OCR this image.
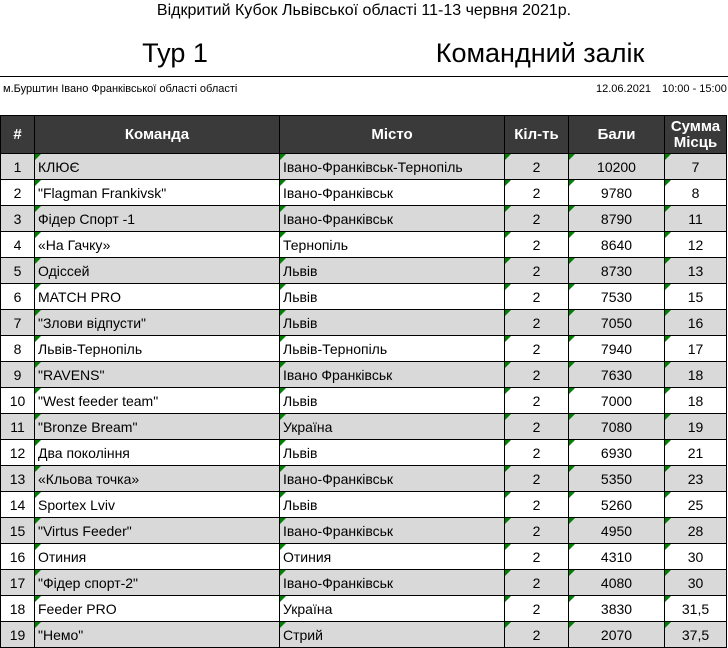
Відкритий Кубок Львівської області 11-13 червня 2021р.
Тур 1	Командний залік
м.Бурштин Івано Франківської області області	12.06.2021 10:00 - 15:00
#	Команда	Місто	Кіл-ть	Бали	Сумма
Місць
1	КЛЮЄ	Івано-Франківськ-Тернопіль	2	10200	7
2	"Flagman Frankivsk"	Івано-Франківськ	2	9780	8
3	Фідер Спорт -1	Івано-Франківськ	2	8790	11
4	«На Гачку»	Тернопіль	2	8640	12
5	Одіссей	Львів	2	8730	13
6	MATCH PRO	Львів	2	7530	15
7	"Злови відпусти"	Львів	2	7050	16
8	Львів-Тернопіль	Львів-Тернопіль	2	7940	17
9	"RAVENS"	Івано Франківськ	2	7630	18
10	"West feeder team"	Львів	2	7000	18
11	"Bronze Bream"	Україна	2	7080	19
12	Два покоління	Львів	2	6930	21
13	«Кльова точка»	Івано-Франківськ	2	5350	23
14	Sportex Lviv	Львів	2	5260	25
15	"Virtus Feeder"	Івано-Франківськ	2	4950	28
16	Отиния	Отиния	2	4310	30
17	"Фідер спорт-2"	Івано-Франківськ	2	4080	30
18	Feeder PRO	Україна	2	3830	31,5
19	"Немо"	Стрий	2	2070	37,5
